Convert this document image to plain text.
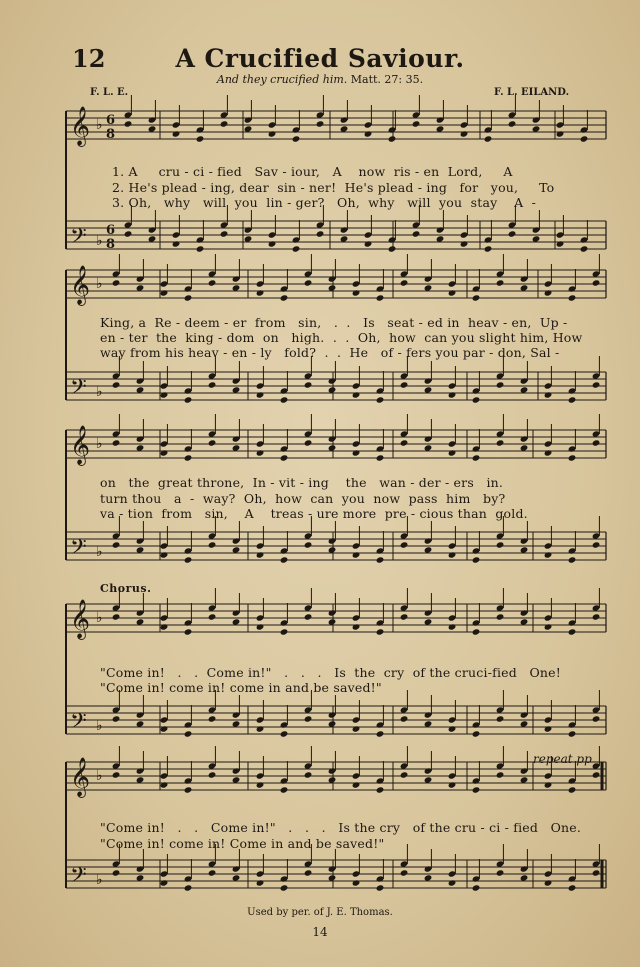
12	A Crucified Saviour.
And they crucified him. Matt. 27: 35.
F. L. E.	F. L. EILAND.
𝄞
𝄢
♭
♭
6
8
6
8
𝄞
𝄢
♭
♭
𝄞
𝄢
♭
♭
𝄞
𝄢
♭
♭
𝄞
𝄢
♭
♭
1. A     cru - ci - fied   Sav - iour,   A    now  ris - en  Lord,     A
2. He's plead - ing, dear  sin - ner!  He's plead - ing   for   you,     To
3. Oh,   why   will  you  lin - ger?   Oh,  why   will  you  stay    A  -
King, a  Re - deem - er  from   sin,   .  .   Is   seat - ed in  heav - en,  Up -
en - ter  the  king - dom  on   high.  .  .  Oh,  how  can you slight him, How
way from his heav - en - ly   fold?  .  .  He   of - fers you par - don, Sal -
on   the  great throne,  In - vit - ing    the   wan - der - ers   in.
turn thou   a  -  way?  Oh,  how  can  you  now  pass  him   by?
va - tion  from   sin,    A    treas - ure more  pre - cious than  gold.
Chorus.
"Come in!   .   .  Come in!"   .   .   .   Is  the  cry  of the cruci-fied   One!
"Come in! come in! come in and be saved!"
repeat pp
"Come in!   .   .   Come in!"   .   .   .   Is the cry   of the cru - ci - fied   One.
"Come in! come in! Come in and be saved!"
Used by per. of J. E. Thomas.
14
